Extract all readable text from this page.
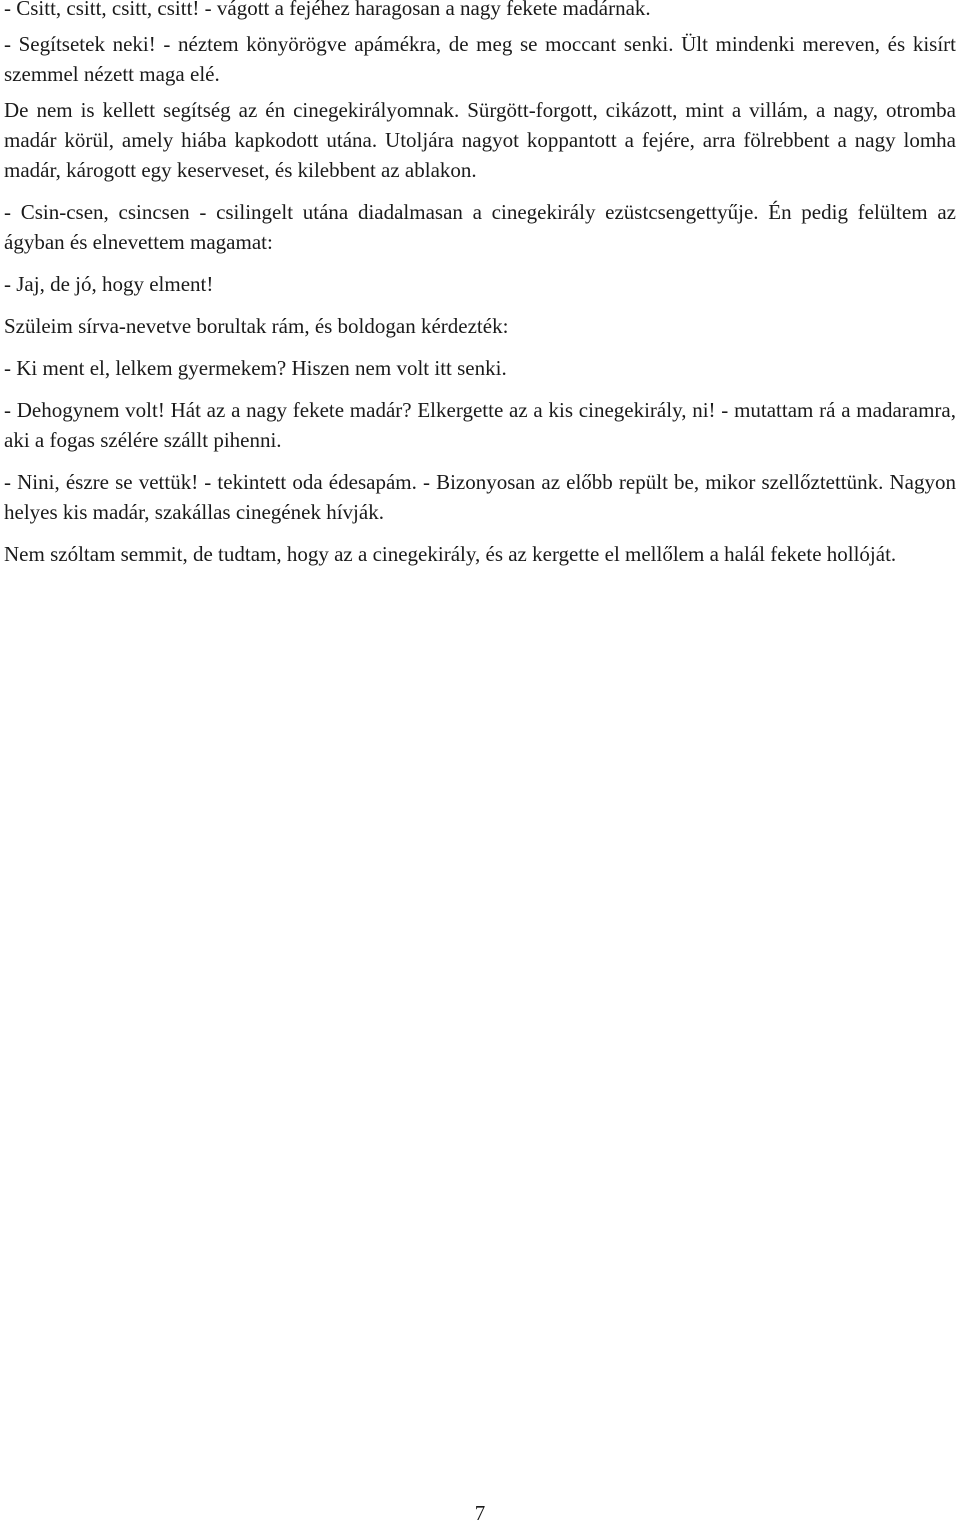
- Csitt, csitt, csitt, csitt! - vágott a fejéhez haragosan a nagy fekete madárnak.

- Segítsetek neki! - néztem könyörögve apámékra, de meg se moccant senki. Ült mindenki mereven, és kisírt szemmel nézett maga elé.

De nem is kellett segítség az én cinegekirályomnak. Sürgött-forgott, cikázott, mint a villám, a nagy, otromba madár körül, amely hiába kapkodott utána. Utoljára nagyot koppantott a fejére, arra fölrebbent a nagy lomha madár, károgott egy keserveset, és kilebbent az ablakon.

- Csin-csen, csincsen - csilingelt utána diadalmasan a cinegekirály ezüstcsengettyűje. Én pedig felültem az ágyban és elnevettem magamat:

- Jaj, de jó, hogy elment!

Szüleim sírva-nevetve borultak rám, és boldogan kérdezték:

- Ki ment el, lelkem gyermekem? Hiszen nem volt itt senki.

- Dehogynem volt! Hát az a nagy fekete madár? Elkergette az a kis cinegekirály, ni! - mutattam rá a madaramra, aki a fogas szélére szállt pihenni.

- Nini, észre se vettük! - tekintett oda édesapám. - Bizonyosan az előbb repült be, mikor szellőztettünk. Nagyon helyes kis madár, szakállas cinegének hívják.

Nem szóltam semmit, de tudtam, hogy az a cinegekirály, és az kergette el mellőlem a halál fekete hollóját.

7
